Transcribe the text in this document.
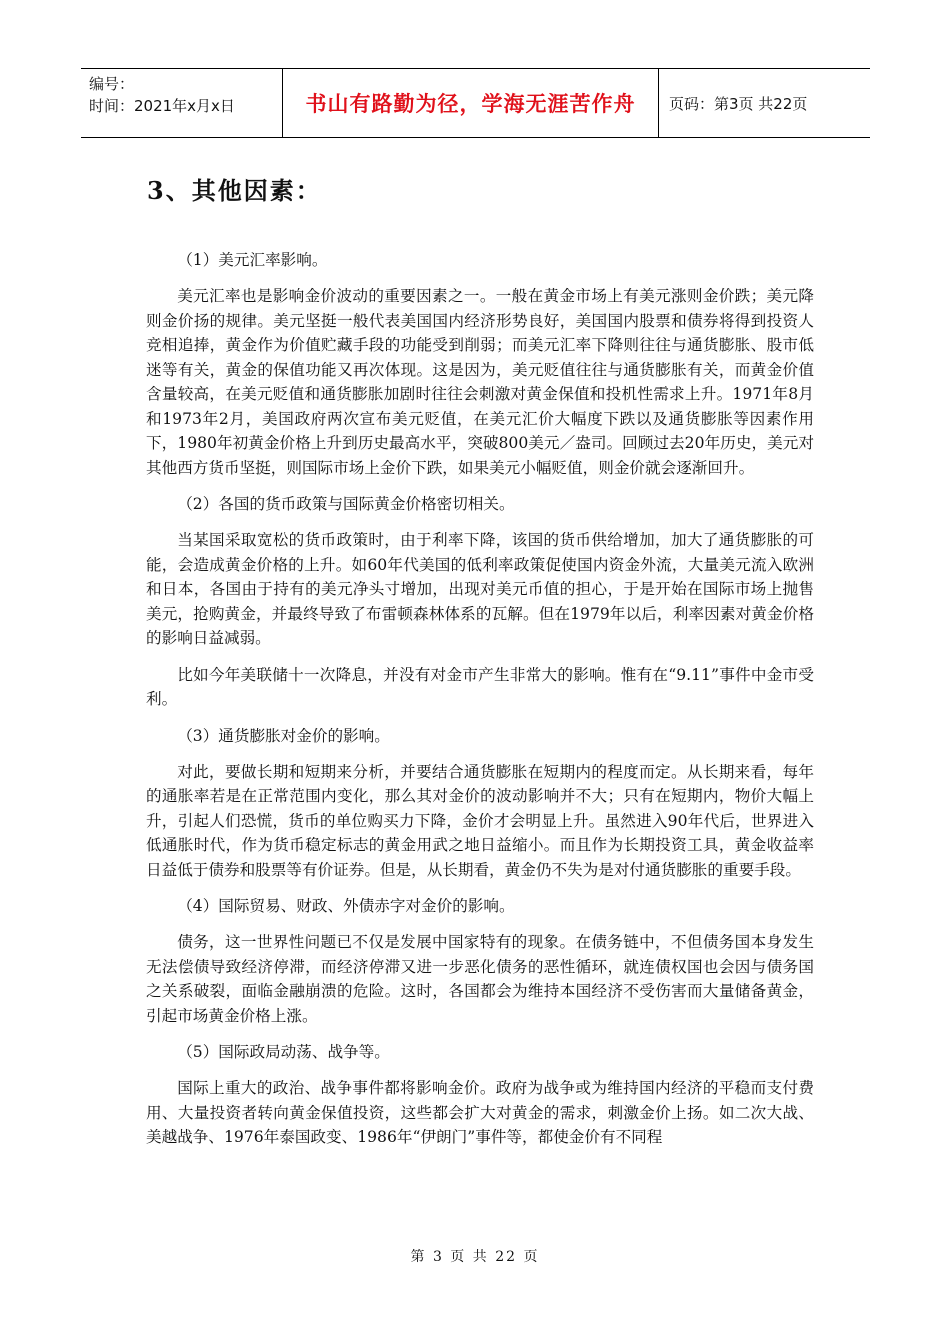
编号：
时间：2021年x月x日	书山有路勤为径，学海无涯苦作舟	页码：第3页 共22页
3、其他因素：

（1）美元汇率影响。

美元汇率也是影响金价波动的重要因素之一。一般在黄金市场上有美元涨则金价跌；美元降则金价扬的规律。美元坚挺一般代表美国国内经济形势良好，美国国内股票和债券将得到投资人竞相追捧，黄金作为价值贮藏手段的功能受到削弱；而美元汇率下降则往往与通货膨胀、股市低迷等有关，黄金的保值功能又再次体现。这是因为，美元贬值往往与通货膨胀有关，而黄金价值含量较高，在美元贬值和通货膨胀加剧时往往会刺激对黄金保值和投机性需求上升。1971年8月和1973年2月，美国政府两次宣布美元贬值，在美元汇价大幅度下跌以及通货膨胀等因素作用下，1980年初黄金价格上升到历史最高水平，突破800美元／盎司。回顾过去20年历史，美元对其他西方货币坚挺，则国际市场上金价下跌，如果美元小幅贬值，则金价就会逐渐回升。

（2）各国的货币政策与国际黄金价格密切相关。

当某国采取宽松的货币政策时，由于利率下降，该国的货币供给增加，加大了通货膨胀的可能，会造成黄金价格的上升。如60年代美国的低利率政策促使国内资金外流，大量美元流入欧洲和日本，各国由于持有的美元净头寸增加，出现对美元币值的担心，于是开始在国际市场上抛售美元，抢购黄金，并最终导致了布雷顿森林体系的瓦解。但在1979年以后，利率因素对黄金价格的影响日益减弱。

比如今年美联储十一次降息，并没有对金市产生非常大的影响。惟有在“9.11”事件中金市受利。

（3）通货膨胀对金价的影响。

对此，要做长期和短期来分析，并要结合通货膨胀在短期内的程度而定。从长期来看，每年的通胀率若是在正常范围内变化，那么其对金价的波动影响并不大；只有在短期内，物价大幅上升，引起人们恐慌，货币的单位购买力下降，金价才会明显上升。虽然进入90年代后，世界进入低通胀时代，作为货币稳定标志的黄金用武之地日益缩小。而且作为长期投资工具，黄金收益率日益低于债券和股票等有价证券。但是，从长期看，黄金仍不失为是对付通货膨胀的重要手段。

（4）国际贸易、财政、外债赤字对金价的影响。

债务，这一世界性问题已不仅是发展中国家特有的现象。在债务链中，不但债务国本身发生无法偿债导致经济停滞，而经济停滞又进一步恶化债务的恶性循环，就连债权国也会因与债务国之关系破裂，面临金融崩溃的危险。这时，各国都会为维持本国经济不受伤害而大量储备黄金，引起市场黄金价格上涨。

（5）国际政局动荡、战争等。

国际上重大的政治、战争事件都将影响金价。政府为战争或为维持国内经济的平稳而支付费用、大量投资者转向黄金保值投资，这些都会扩大对黄金的需求，刺激金价上扬。如二次大战、美越战争、1976年泰国政变、1986年“伊朗门”事件等，都使金价有不同程

第 3 页 共 22 页
